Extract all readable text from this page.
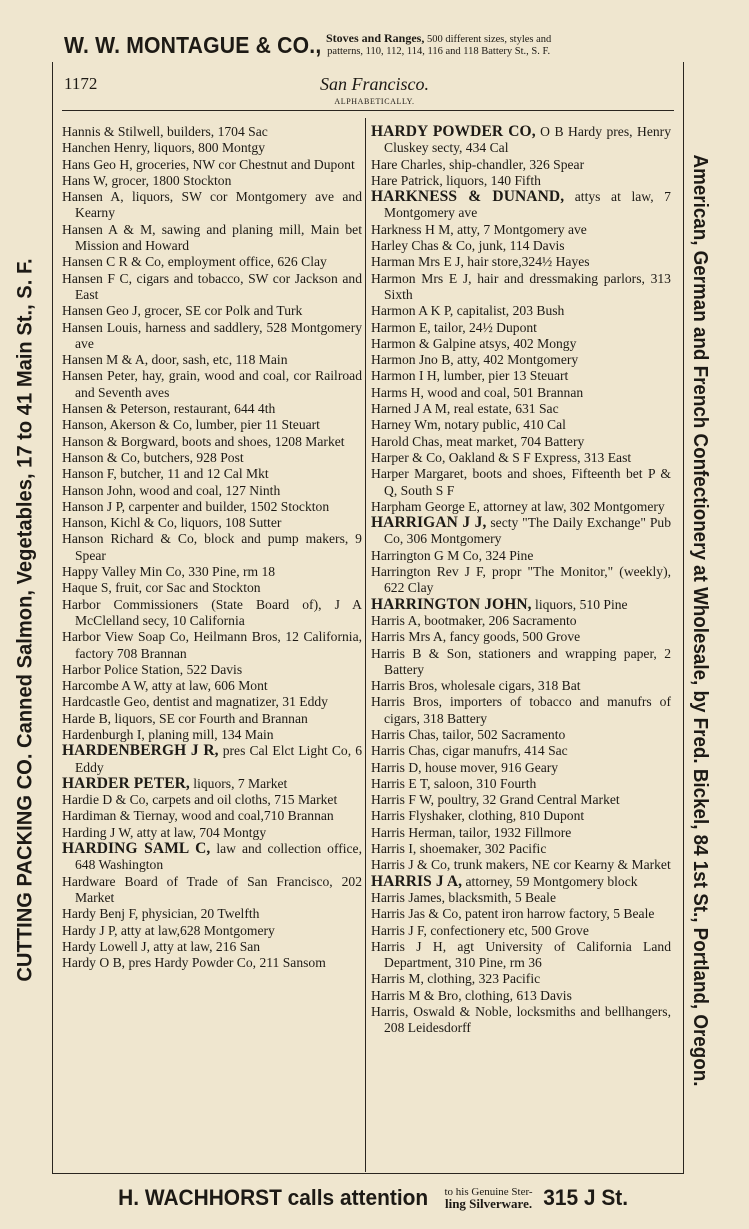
W. W. MONTAGUE & CO., Stoves and Ranges, 500 different sizes, styles and
patterns, 110, 112, 114, 116 and 118 Battery St., S. F.
CUTTING PACKING CO. Canned Salmon, Vegetables, 17 to 41 Main St., S. F.	American, German and French Confectionery at Wholesale, by Fred. Bickel, 84 1st St., Portland, Oregon.
1172	San Francisco.
ALPHABETICALLY.

Hannis & Stilwell, builders, 1704 Sac

Hanchen Henry, liquors, 800 Montgy

Hans Geo H, groceries, NW cor Chestnut and Dupont

Hans W, grocer, 1800 Stockton

Hansen A, liquors, SW cor Montgomery ave and Kearny

Hansen A & M, sawing and planing mill, Main bet Mission and Howard

Hansen C R & Co, employment office, 626 Clay

Hansen F C, cigars and tobacco, SW cor Jackson and East

Hansen Geo J, grocer, SE cor Polk and Turk

Hansen Louis, harness and saddlery, 528 Montgomery ave

Hansen M & A, door, sash, etc, 118 Main

Hansen Peter, hay, grain, wood and coal, cor Railroad and Seventh aves

Hansen & Peterson, restaurant, 644 4th

Hanson, Akerson & Co, lumber, pier 11 Steuart

Hanson & Borgward, boots and shoes, 1208 Market

Hanson & Co, butchers, 928 Post

Hanson F, butcher, 11 and 12 Cal Mkt

Hanson John, wood and coal, 127 Ninth

Hanson J P, carpenter and builder, 1502 Stockton

Hanson, Kichl & Co, liquors, 108 Sutter

Hanson Richard & Co, block and pump makers, 9 Spear

Happy Valley Min Co, 330 Pine, rm 18

Haque S, fruit, cor Sac and Stockton

Harbor Commissioners (State Board of), J A McClelland secy, 10 California

Harbor View Soap Co, Heilmann Bros, 12 California, factory 708 Brannan

Harbor Police Station, 522 Davis

Harcombe A W, atty at law, 606 Mont

Hardcastle Geo, dentist and magnatizer, 31 Eddy

Harde B, liquors, SE cor Fourth and Brannan

Hardenburgh I, planing mill, 134 Main

HARDENBERGH J R, pres Cal Elct Light Co, 6 Eddy

HARDER PETER, liquors, 7 Market

Hardie D & Co, carpets and oil cloths, 715 Market

Hardiman & Tiernay, wood and coal,710 Brannan

Harding J W, atty at law, 704 Montgy

HARDING SAML C, law and collection office, 648 Washington

Hardware Board of Trade of San Francisco, 202 Market

Hardy Benj F, physician, 20 Twelfth

Hardy J P, atty at law,628 Montgomery

Hardy Lowell J, atty at law, 216 San

Hardy O B, pres Hardy Powder Co, 211 Sansom

HARDY POWDER CO, O B Hardy pres, Henry Cluskey secty, 434 Cal

Hare Charles, ship-chandler, 326 Spear

Hare Patrick, liquors, 140 Fifth

HARKNESS & DUNAND, attys at law, 7 Montgomery ave

Harkness H M, atty, 7 Montgomery ave

Harley Chas & Co, junk, 114 Davis

Harman Mrs E J, hair store,324½ Hayes

Harmon Mrs E J, hair and dressmaking parlors, 313 Sixth

Harmon A K P, capitalist, 203 Bush

Harmon E, tailor, 24½ Dupont

Harmon & Galpine atsys, 402 Mongy

Harmon Jno B, atty, 402 Montgomery

Harmon I H, lumber, pier 13 Steuart

Harms H, wood and coal, 501 Brannan

Harned J A M, real estate, 631 Sac

Harney Wm, notary public, 410 Cal

Harold Chas, meat market, 704 Battery

Harper & Co, Oakland & S F Express, 313 East

Harper Margaret, boots and shoes, Fifteenth bet P & Q, South S F

Harpham George E, attorney at law, 302 Montgomery

HARRIGAN J J, secty "The Daily Exchange" Pub Co, 306 Montgomery

Harrington G M Co, 324 Pine

Harrington Rev J F, propr "The Monitor," (weekly), 622 Clay

HARRINGTON JOHN, liquors, 510 Pine

Harris A, bootmaker, 206 Sacramento

Harris Mrs A, fancy goods, 500 Grove

Harris B & Son, stationers and wrapping paper, 2 Battery

Harris Bros, wholesale cigars, 318 Bat

Harris Bros, importers of tobacco and manufrs of cigars, 318 Battery

Harris Chas, tailor, 502 Sacramento

Harris Chas, cigar manufrs, 414 Sac

Harris D, house mover, 916 Geary

Harris E T, saloon, 310 Fourth

Harris F W, poultry, 32 Grand Central Market

Harris Flyshaker, clothing, 810 Dupont

Harris Herman, tailor, 1932 Fillmore

Harris I, shoemaker, 302 Pacific

Harris J & Co, trunk makers, NE cor Kearny & Market

HARRIS J A, attorney, 59 Montgomery block

Harris James, blacksmith, 5 Beale

Harris Jas & Co, patent iron harrow factory, 5 Beale

Harris J F, confectionery etc, 500 Grove

Harris J H, agt University of California Land Department, 310 Pine, rm 36

Harris M, clothing, 323 Pacific

Harris M & Bro, clothing, 613 Davis

Harris, Oswald & Noble, locksmiths and bellhangers, 208 Leidesdorff

H. WACHHORST calls attention to his Genuine Ster-
ling Silverware. 315 J St.
